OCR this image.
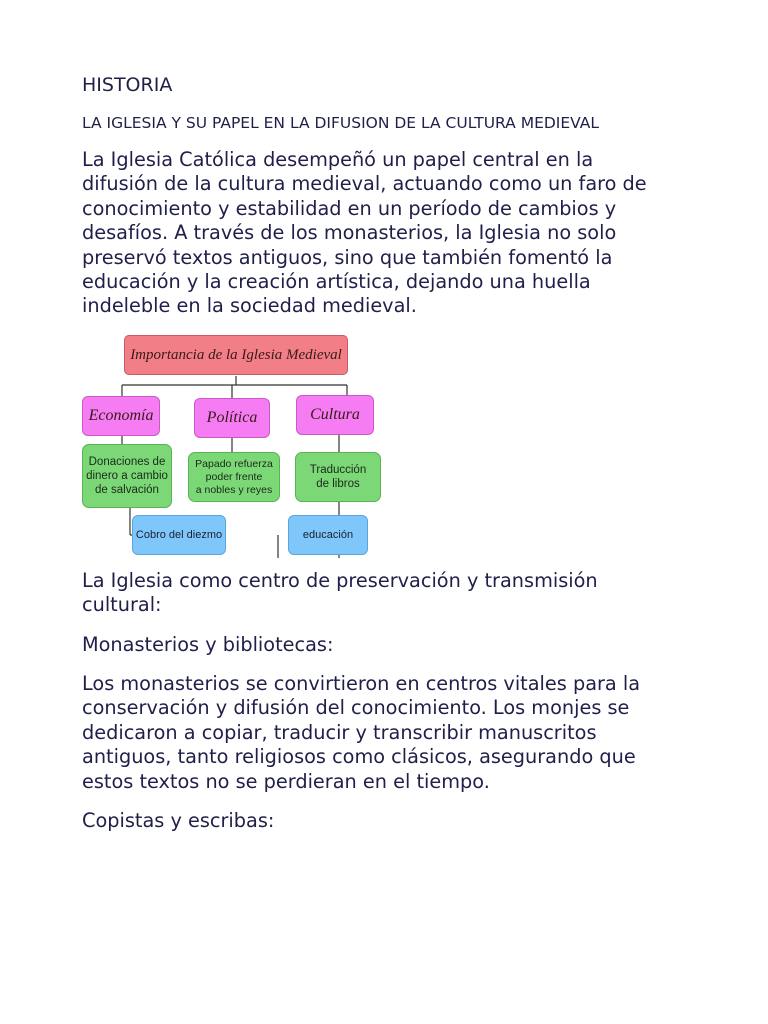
HISTORIA
LA IGLESIA Y SU PAPEL EN LA DIFUSION DE LA CULTURA MEDIEVAL

La Iglesia Católica desempeñó un papel central en la
difusión de la cultura medieval, actuando como un faro de
conocimiento y estabilidad en un período de cambios y
desafíos. A través de los monasterios, la Iglesia no solo
preservó textos antiguos, sino que también fomentó la
educación y la creación artística, dejando una huella
indeleble en la sociedad medieval.

Importancia de la Iglesia Medieval
Economía	Política	Cultura
Donaciones de
dinero a cambio
de salvación
Papado refuerza
poder frente
a nobles y reyes
Traducción
de libros
Cobro del diezmo	educación

La Iglesia como centro de preservación y transmisión
cultural:

Monasterios y bibliotecas:

Los monasterios se convirtieron en centros vitales para la
conservación y difusión del conocimiento. Los monjes se
dedicaron a copiar, traducir y transcribir manuscritos
antiguos, tanto religiosos como clásicos, asegurando que
estos textos no se perdieran en el tiempo.

Copistas y escribas:
